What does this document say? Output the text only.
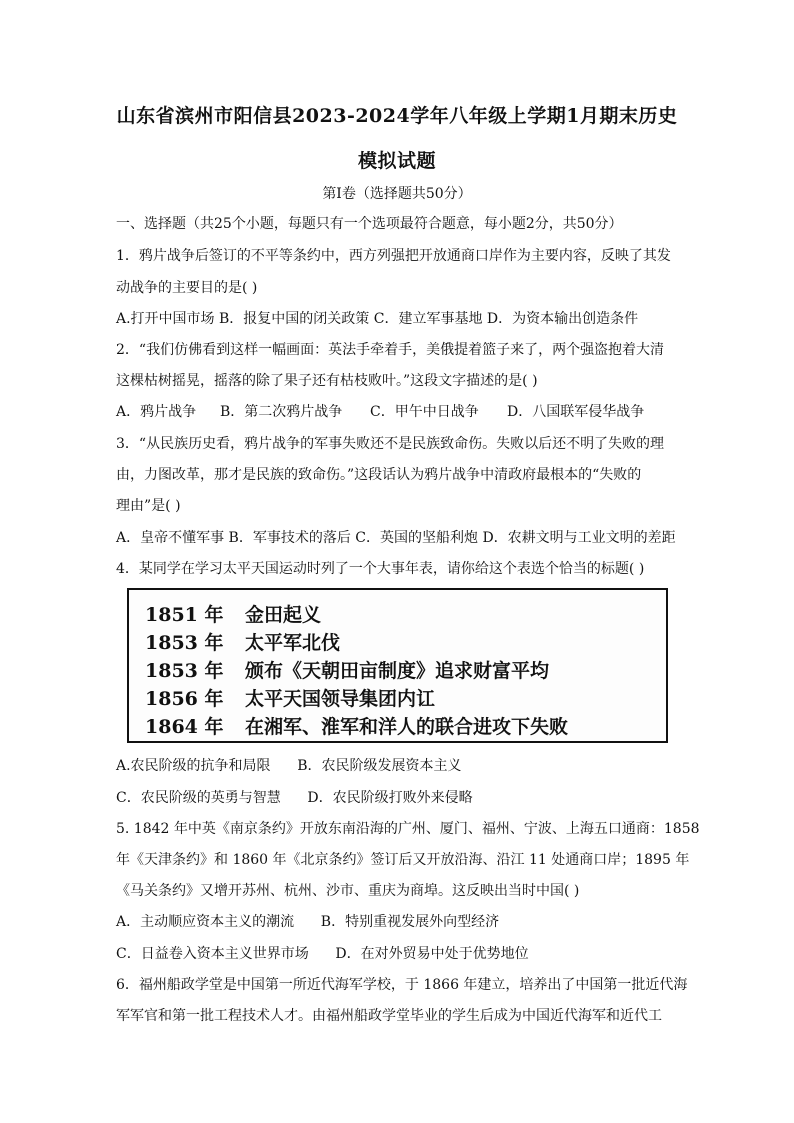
山东省滨州市阳信县2023-2024学年八年级上学期1月期末历史
模拟试题
第Ⅰ卷（选择题共50分）
一、选择题（共25个小题，每题只有一个选项最符合题意，每小题2分，共50分）
1．鸦片战争后签订的不平等条约中，西方列强把开放通商口岸作为主要内容，反映了其发
动战争的主要目的是( )
A.打开中国市场 B．报复中国的闭关政策 C．建立军事基地 D．为资本输出创造条件
2．“我们仿佛看到这样一幅画面：英法手牵着手，美俄提着篮子来了，两个强盗抱着大清
这棵枯树摇晃，摇落的除了果子还有枯枝败叶。”这段文字描述的是( )
A．鸦片战争 B．第二次鸦片战争 C．甲午中日战争 D．八国联军侵华战争
3．“从民族历史看，鸦片战争的军事失败还不是民族致命伤。失败以后还不明了失败的理
由，力图改革，那才是民族的致命伤。”这段话认为鸦片战争中清政府最根本的“失败的
理由”是( )
A．皇帝不懂军事 B．军事技术的落后 C．英国的坚船利炮 D．农耕文明与工业文明的差距
4．某同学在学习太平天国运动时列了一个大事年表，请你给这个表选个恰当的标题( )
1851 年 金田起义
1853 年 太平军北伐
1853 年 颁布《天朝田亩制度》追求财富平均
1856 年 太平天国领导集团内讧
1864 年 在湘军、淮军和洋人的联合进攻下失败
A.农民阶级的抗争和局限      B．农民阶级发展资本主义
C．农民阶级的英勇与智慧      D．农民阶级打败外来侵略
5. 1842 年中英《南京条约》开放东南沿海的广州、厦门、福州、宁波、上海五口通商：1858
年《天津条约》和 1860 年《北京条约》签订后又开放沿海、沿江 11 处通商口岸；1895 年
《马关条约》又增开苏州、杭州、沙市、重庆为商埠。这反映出当时中国( )
A．主动顺应资本主义的潮流      B．特别重视发展外向型经济
C．日益卷入资本主义世界市场      D．在对外贸易中处于优势地位
6．福州船政学堂是中国第一所近代海军学校，于 1866 年建立，培养出了中国第一批近代海
军军官和第一批工程技术人才。由福州船政学堂毕业的学生后成为中国近代海军和近代工
